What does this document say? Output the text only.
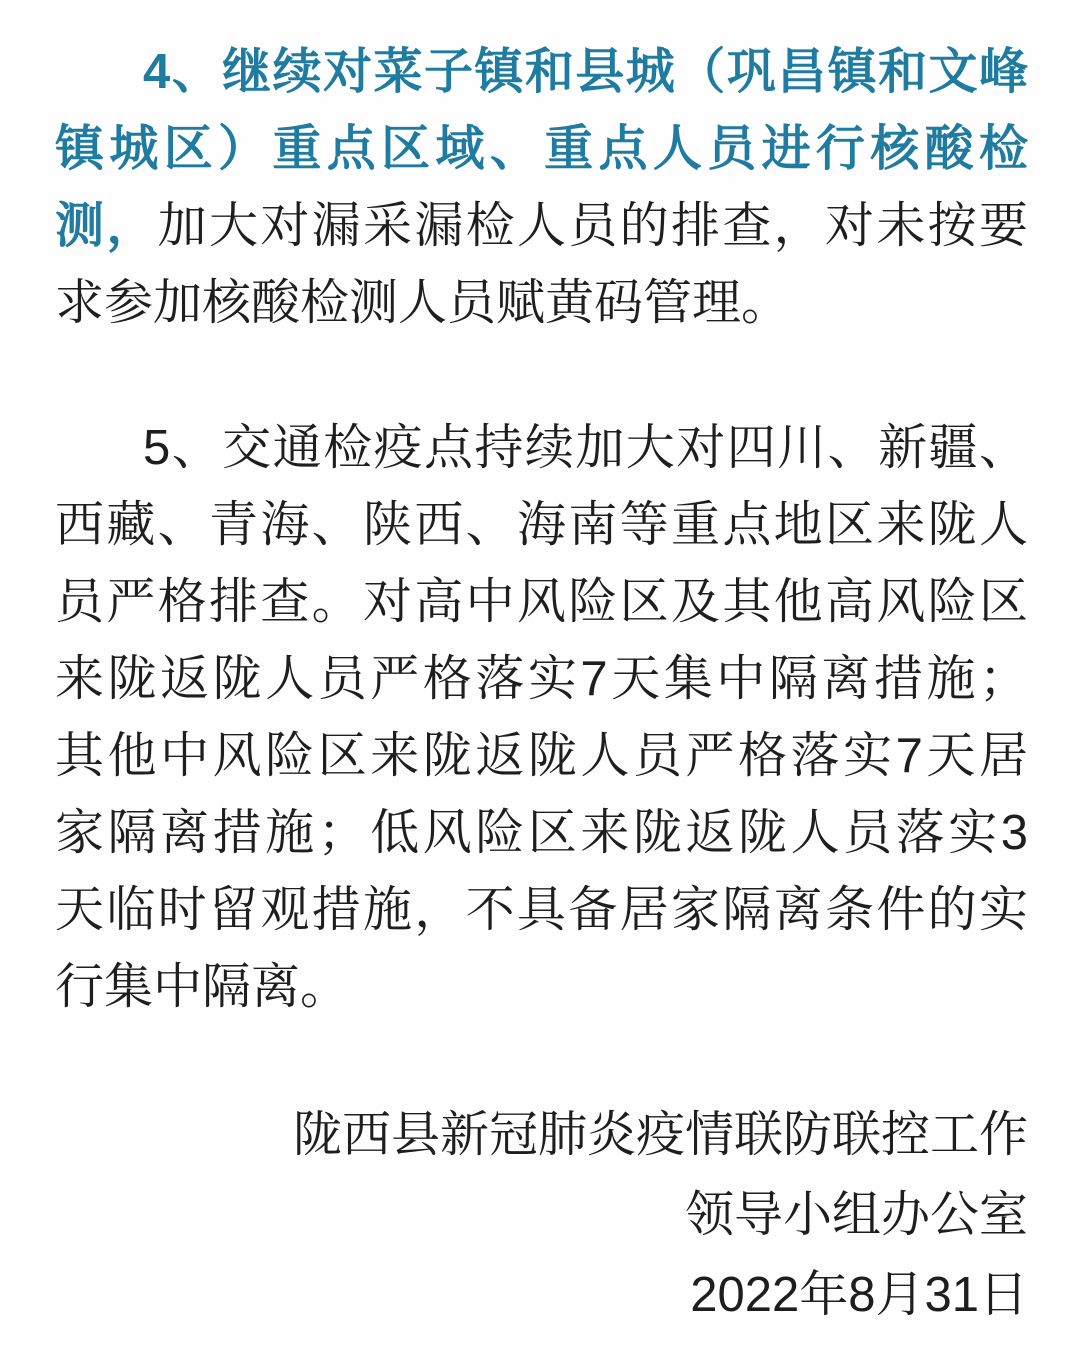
4、继续对菜子镇和县城（巩昌镇和文峰
镇城区）重点区域、重点人员进行核酸检
测，加大对漏采漏检人员的排查，对未按要
求参加核酸检测人员赋黄码管理。

5、交通检疫点持续加大对四川、新疆、
西藏、青海、陕西、海南等重点地区来陇人
员严格排查。对高中风险区及其他高风险区
来陇返陇人员严格落实7天集中隔离措施；
其他中风险区来陇返陇人员严格落实7天居
家隔离措施；低风险区来陇返陇人员落实3
天临时留观措施，不具备居家隔离条件的实
行集中隔离。

陇西县新冠肺炎疫情联防联控工作
领导小组办公室
2022年8月31日
